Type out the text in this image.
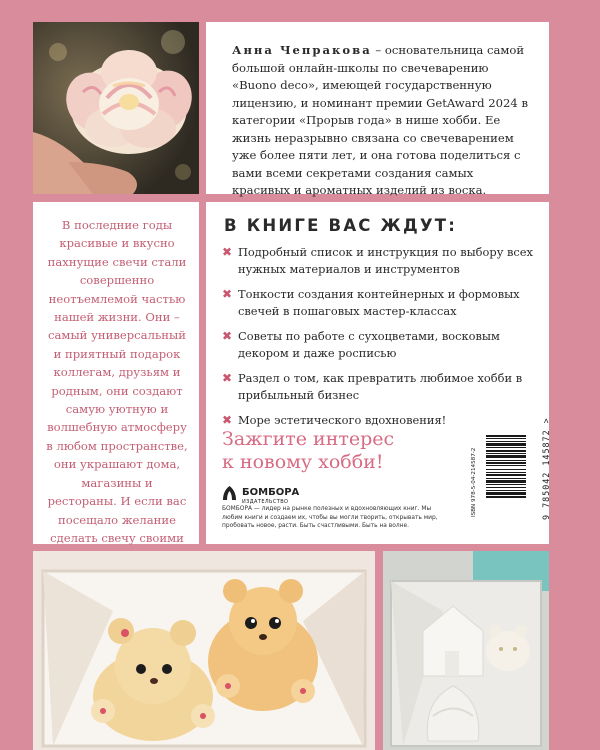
Анна Чепракова – основательница самой большой онлайн-школы по свечеварению «Buono deco», имеющей государственную лицензию, и номинант премии GetAward 2024 в категории «Прорыв года» в нише хобби. Ее жизнь неразрывно связана со свечеварением уже более пяти лет, и она готова поделиться с вами всеми секретами создания самых красивых и ароматных изделий из воска.

В последние годы красивые и вкусно пахнущие свечи стали совершенно неотъемлемой частью нашей жизни. Они – самый универсальный и приятный подарок коллегам, друзьям и родным, они создают самую уютную и волшебную атмосферу в любом пространстве, они украшают дома, магазины и рестораны. И если вас посещало желание сделать свечу своими

В КНИГЕ ВАС ЖДУТ:
✖ Подробный список и инструкция по выбору всех нужных материалов и инструментов
✖ Тонкости создания контейнерных и формовых свечей в пошаговых мастер-классах
✖ Советы по работе с сухоцветами, восковым декором и даже росписью
✖ Раздел о том, как превратить любимое хобби в прибыльный бизнес
✖ Море эстетического вдохновения!
Зажгите интерес
к новому хобби!
БОМБОРА
ИЗДАТЕЛЬСТВО

БОМБОРА — лидер на рынке полезных и вдохновляющих книг. Мы любим книги и создаем их, чтобы вы могли творить, открывать мир, пробовать новое, расти. Быть счастливыми. Быть на волне.

ISBN 978-5-04-214587-2	9 785042 145872 >
